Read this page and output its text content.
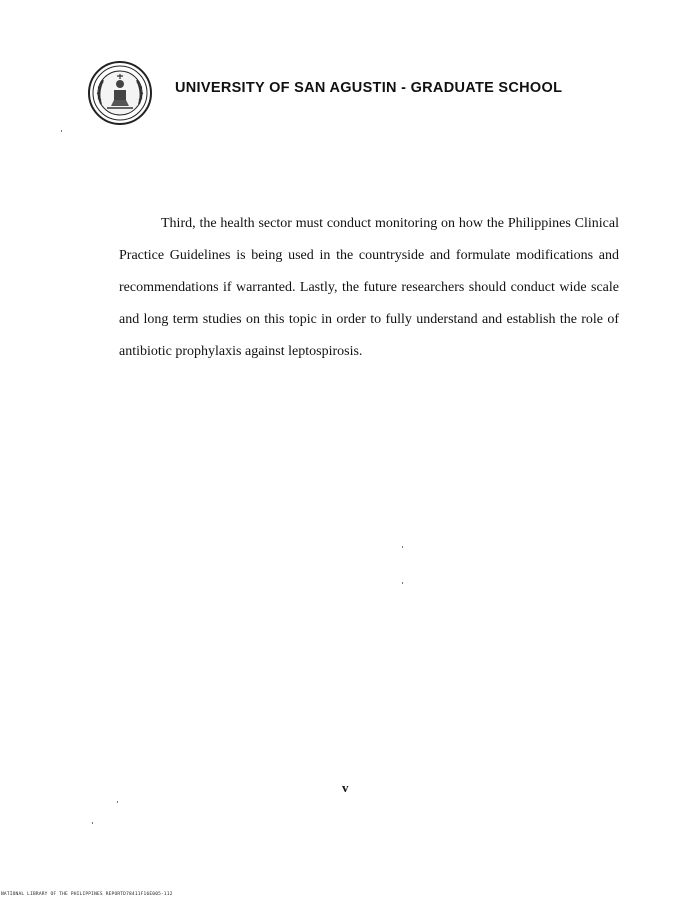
UNIVERSITY OF SAN AGUSTIN - GRADUATE SCHOOL

Third, the health sector must conduct monitoring on how the Philippines Clinical Practice Guidelines is being used in the countryside and formulate modifications and recommendations if warranted. Lastly, the future researchers should conduct wide scale and long term studies on this topic in order to fully understand and establish the role of antibiotic prophylaxis against leptospirosis.

v
NATIONAL LIBRARY OF THE PHILIPPINES REPORTD78411F16E005-112
